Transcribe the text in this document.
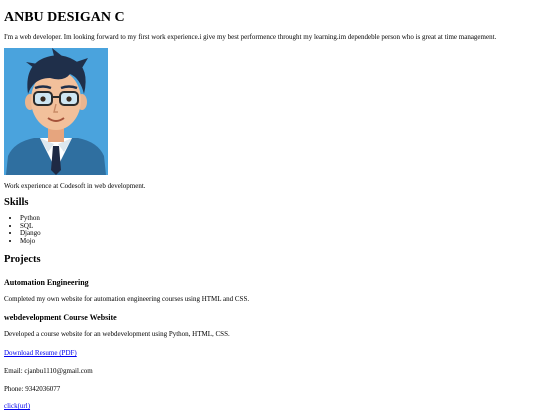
ANBU DESIGAN C

I'm a web developer. Im looking forward to my first work experience.i give my best performence throught my learning.im dependeble person who is great at time management.

Work experience at Codesoft in web development.

Skills
• Python
• SQL
• Django
• Mojo
Projects
Automation Engineering

Completed my own website for automation engineering courses using HTML and CSS.

webdevelopment Course Website

Developed a course website for an webdevelopment using Python, HTML, CSS.

Download Resume (PDF)

Email: cjanbu1110@gmail.com

Phone: 9342036077

click(url)
